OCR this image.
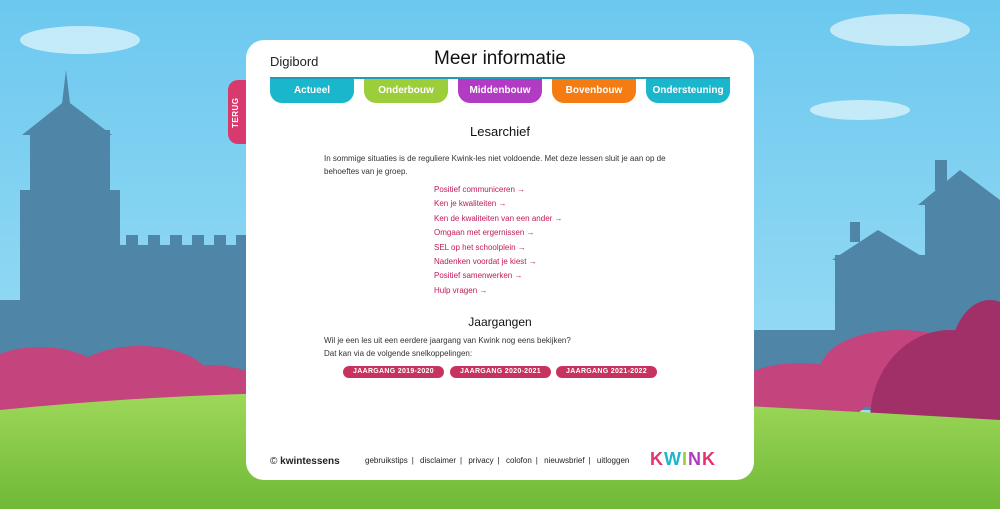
TERUG
Digibord	Meer informatie
Actueel	Onderbouw	Middenbouw	Bovenbouw	Ondersteuning
Lesarchief
In sommige situaties is de reguliere Kwink-les niet voldoende. Met deze lessen sluit je aan op de behoeftes van je groep.
Positief communiceren →
Ken je kwaliteiten →
Ken de kwaliteiten van een ander →
Omgaan met ergernissen →
SEL op het schoolplein →
Nadenken voordat je kiest →
Positief samenwerken →
Hulp vragen →
Jaargangen
Wil je een les uit een eerdere jaargang van Kwink nog eens bekijken?
Dat kan via de volgende snelkoppelingen:
JAARGANG 2019-2020	JAARGANG 2020-2021	JAARGANG 2021-2022
© kwintessens	gebruikstips | disclaimer | privacy | colofon | nieuwsbrief | uitloggen KWINK
